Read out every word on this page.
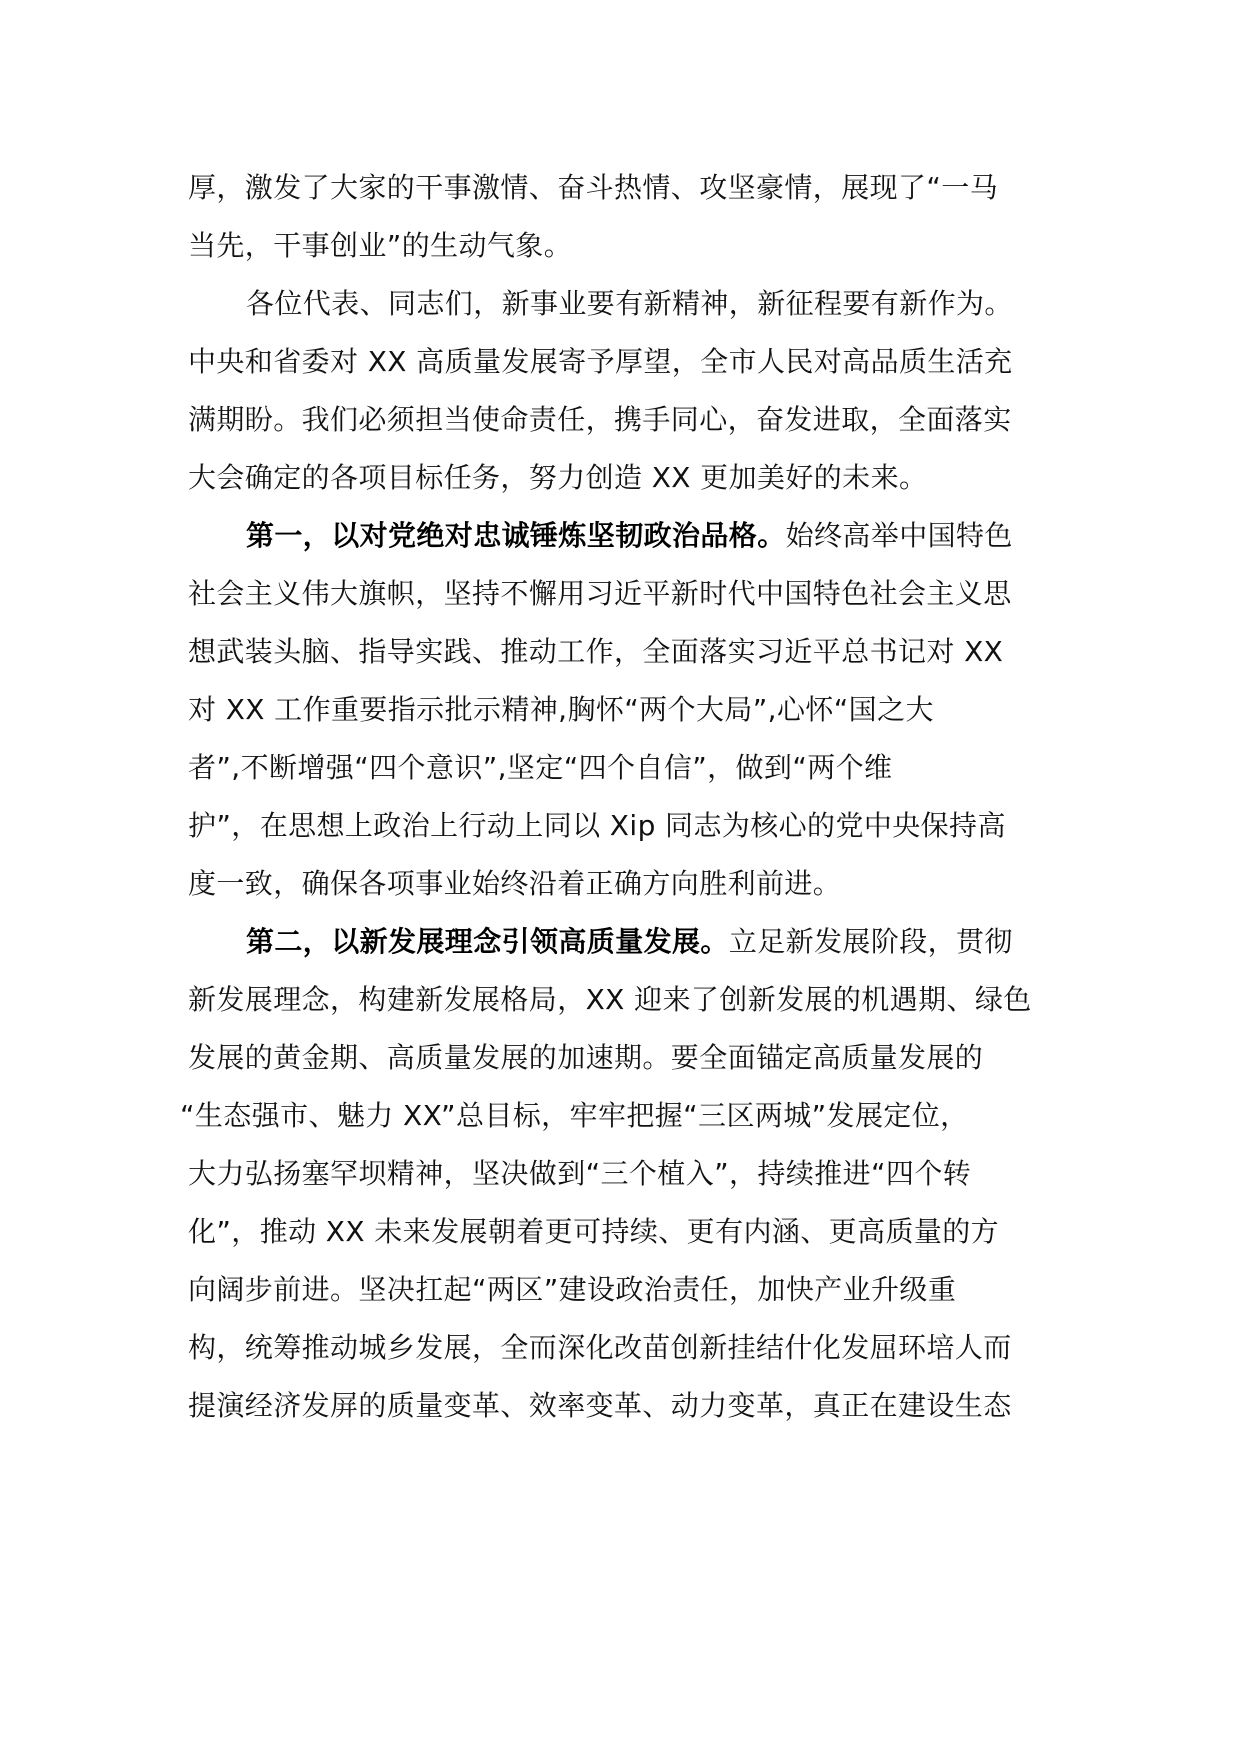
厚，激发了大家的干事激情、奋斗热情、攻坚豪情，展现了“一马
当先，干事创业”的生动气象。
各位代表、同志们，新事业要有新精神，新征程要有新作为。
中央和省委对 XX 高质量发展寄予厚望，全市人民对高品质生活充
满期盼。我们必须担当使命责任，携手同心，奋发进取，全面落实
大会确定的各项目标任务，努力创造 XX 更加美好的未来。
第一，以对党绝对忠诚锤炼坚韧政治品格。始终高举中国特色
社会主义伟大旗帜，坚持不懈用习近平新时代中国特色社会主义思
想武装头脑、指导实践、推动工作，全面落实习近平总书记对 XX
对 XX 工作重要指示批示精神,胸怀“两个大局”,心怀“国之大
者”,不断增强“四个意识”,坚定“四个自信”，做到“两个维
护”，在思想上政治上行动上同以 Xip 同志为核心的党中央保持高
度一致，确保各项事业始终沿着正确方向胜利前进。
第二，以新发展理念引领高质量发展。立足新发展阶段，贯彻
新发展理念，构建新发展格局，XX 迎来了创新发展的机遇期、绿色
发展的黄金期、高质量发展的加速期。要全面锚定高质量发展的
“生态强市、魅力 XX”总目标，牢牢把握“三区两城”发展定位，
大力弘扬塞罕坝精神，坚决做到“三个植入”，持续推进“四个转
化”，推动 XX 未来发展朝着更可持续、更有内涵、更高质量的方
向阔步前进。坚决扛起“两区”建设政治责任，加快产业升级重
构，统筹推动城乡发展，全而深化改苗创新挂结什化发屈环培人而
提演经济发屏的质量变革、效率变革、动力变革，真正在建设生态
